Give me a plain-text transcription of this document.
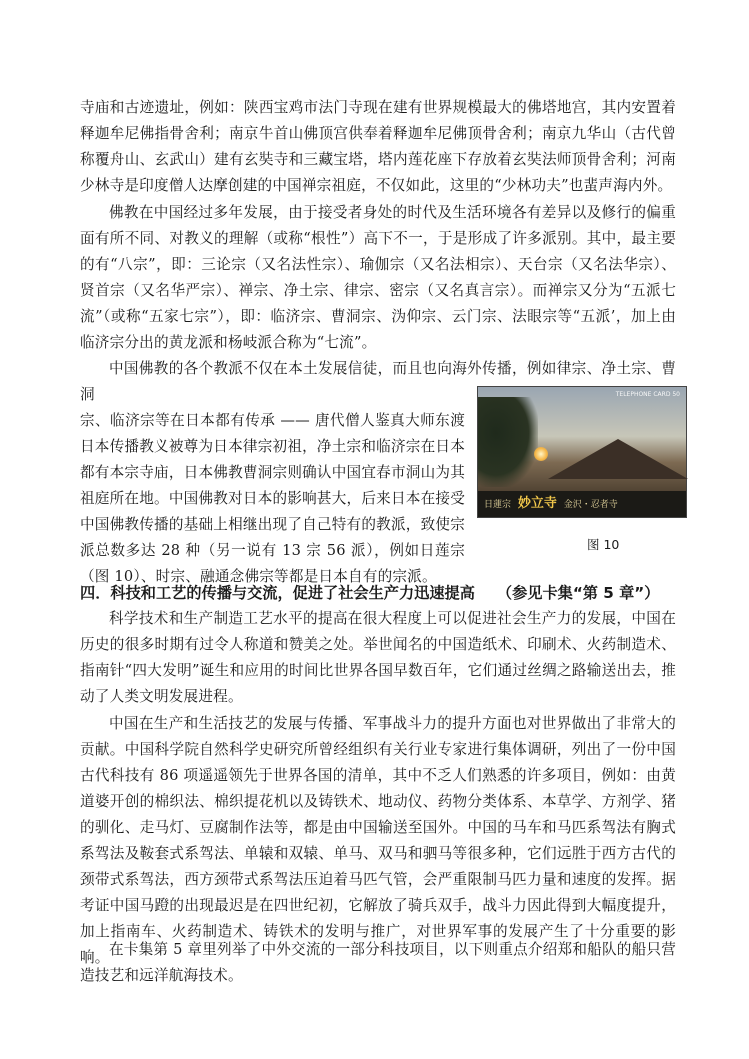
寺庙和古迹遗址，例如：陕西宝鸡市法门寺现在建有世界规模最大的佛塔地宫，其内安置着释迦牟尼佛指骨舍利；南京牛首山佛顶宫供奉着释迦牟尼佛顶骨舍利；南京九华山（古代曾称覆舟山、玄武山）建有玄奘寺和三藏宝塔，塔内莲花座下存放着玄奘法师顶骨舍利；河南少林寺是印度僧人达摩创建的中国禅宗祖庭，不仅如此，这里的“少林功夫”也蜚声海内外。

佛教在中国经过多年发展，由于接受者身处的时代及生活环境各有差异以及修行的偏重面有所不同、对教义的理解（或称“根性”）高下不一，于是形成了许多派别。其中，最主要的有“八宗”，即：三论宗（又名法性宗）、瑜伽宗（又名法相宗）、天台宗（又名法华宗）、贤首宗（又名华严宗）、禅宗、净土宗、律宗、密宗（又名真言宗）。而禅宗又分为“五派七流”（或称“五家七宗”），即：临济宗、曹洞宗、沩仰宗、云门宗、法眼宗等“五派’，加上由临济宗分出的黄龙派和杨岐派合称为“七流”。

中国佛教的各个教派不仅在本土发展信徒，而且也向海外传播，例如律宗、净土宗、曹洞
宗、临济宗等在日本都有传承 —— 唐代僧人鉴真大师东渡日本传播教义被尊为日本律宗初祖，净土宗和临济宗在日本都有本宗寺庙，日本佛教曹洞宗则确认中国宜春市洞山为其祖庭所在地。中国佛教对日本的影响甚大，后来日本在接受中国佛教传播的基础上相继出现了自己特有的教派，致使宗派总数多达 28 种（另一说有 13 宗 56 派），例如日莲宗（图 10）、时宗、融通念佛宗等都是日本自有的宗派。
TELEPHONE CARD 50
日蓮宗 妙立寺 金沢・忍者寺
图 10
四．科技和工艺的传播与交流，促进了社会生产力迅速提高 （参见卡集“第 5 章”）

科学技术和生产制造工艺水平的提高在很大程度上可以促进社会生产力的发展，中国在历史的很多时期有过令人称道和赞美之处。举世闻名的中国造纸术、印刷术、火药制造术、指南针“四大发明”诞生和应用的时间比世界各国早数百年，它们通过丝绸之路输送出去，推动了人类文明发展进程。

中国在生产和生活技艺的发展与传播、军事战斗力的提升方面也对世界做出了非常大的贡献。中国科学院自然科学史研究所曾经组织有关行业专家进行集体调研，列出了一份中国古代科技有 86 项遥遥领先于世界各国的清单，其中不乏人们熟悉的许多项目，例如：由黄道婆开创的棉织法、棉织提花机以及铸铁术、地动仪、药物分类体系、本草学、方剂学、猪的驯化、走马灯、豆腐制作法等，都是由中国输送至国外。中国的马车和马匹系驾法有胸式系驾法及鞍套式系驾法、单辕和双辕、单马、双马和驷马等很多种，它们远胜于西方古代的颈带式系驾法，西方颈带式系驾法压迫着马匹气管，会严重限制马匹力量和速度的发挥。据考证中国马蹬的出现最迟是在四世纪初，它解放了骑兵双手，战斗力因此得到大幅度提升，加上指南车、火药制造术、铸铁术的发明与推广，对世界军事的发展产生了十分重要的影响。 在卡集第 5 章里列举了中外交流的一部分科技项目，以下则重点介绍郑和船队的船只营造技艺和远洋航海技术。
